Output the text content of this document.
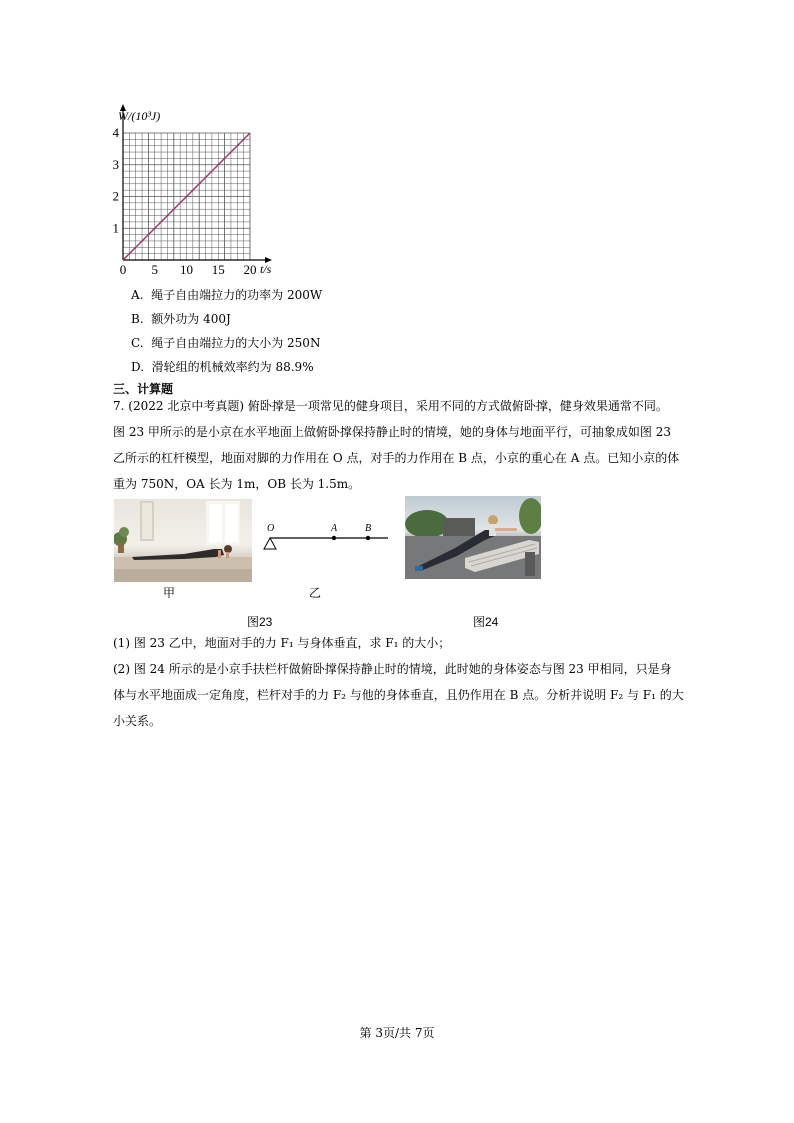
W/(10³J)
t/s
0 5 10 15 20
1
2
3
4
A. 绳子自由端拉力的功率为 200W
B. 额外功为 400J
C. 绳子自由端拉力的大小为 250N
D. 滑轮组的机械效率约为 88.9%
三、计算题
7. (2022 北京中考真题) 俯卧撑是一项常见的健身项目，采用不同的方式做俯卧撑，健身效果通常不同。
图 23 甲所示的是小京在水平地面上做俯卧撑保持静止时的情境，她的身体与地面平行，可抽象成如图 23
乙所示的杠杆模型，地面对脚的力作用在 O 点，对手的力作用在 B 点，小京的重心在 A 点。已知小京的体
重为 750N，OA 长为 1m，OB 长为 1.5m。
甲
O	A	B
乙
图23	图24
(1) 图 23 乙中，地面对手的力 F₁ 与身体垂直，求 F₁ 的大小；
(2) 图 24 所示的是小京手扶栏杆做俯卧撑保持静止时的情境，此时她的身体姿态与图 23 甲相同，只是身
体与水平地面成一定角度，栏杆对手的力 F₂ 与他的身体垂直，且仍作用在 B 点。分析并说明 F₂ 与 F₁ 的大
小关系。
第 3页/共 7页
